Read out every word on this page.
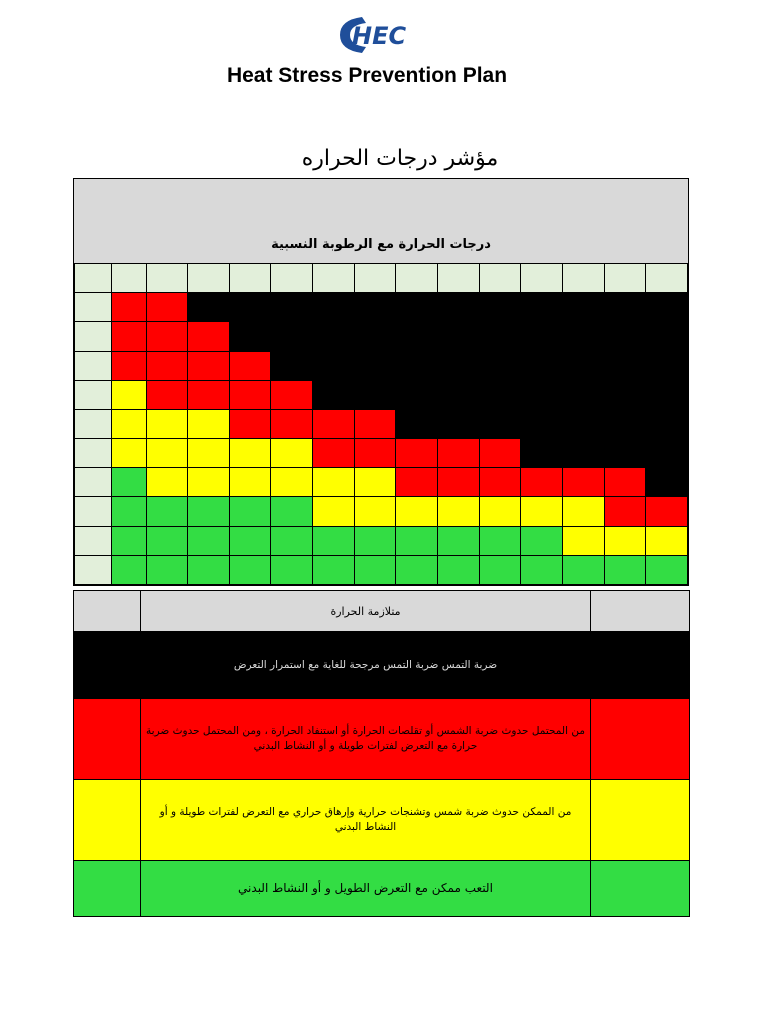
HEC
Heat Stress Prevention Plan
مؤشر درجات الحراره
درجات الحرارة مع الرطوبة النسبية

	متلازمة الحرارة	
	ضربة التمس ضربة التمس مرجحة للغاية مع استمرار التعرض	
	من المحتمل حدوث ضربة الشمس أو تقلصات الحرارة أو استنفاد الحرارة ، ومن المحتمل حدوث ضربة حرارة مع التعرض لفترات طويلة و أو النشاط البدني	
	من الممكن حدوث ضربة شمس وتشنجات حرارية وإرهاق حراري مع التعرض لفترات طويلة و أو النشاط البدني	
	التعب ممكن مع التعرض الطويل و أو النشاط البدني	
